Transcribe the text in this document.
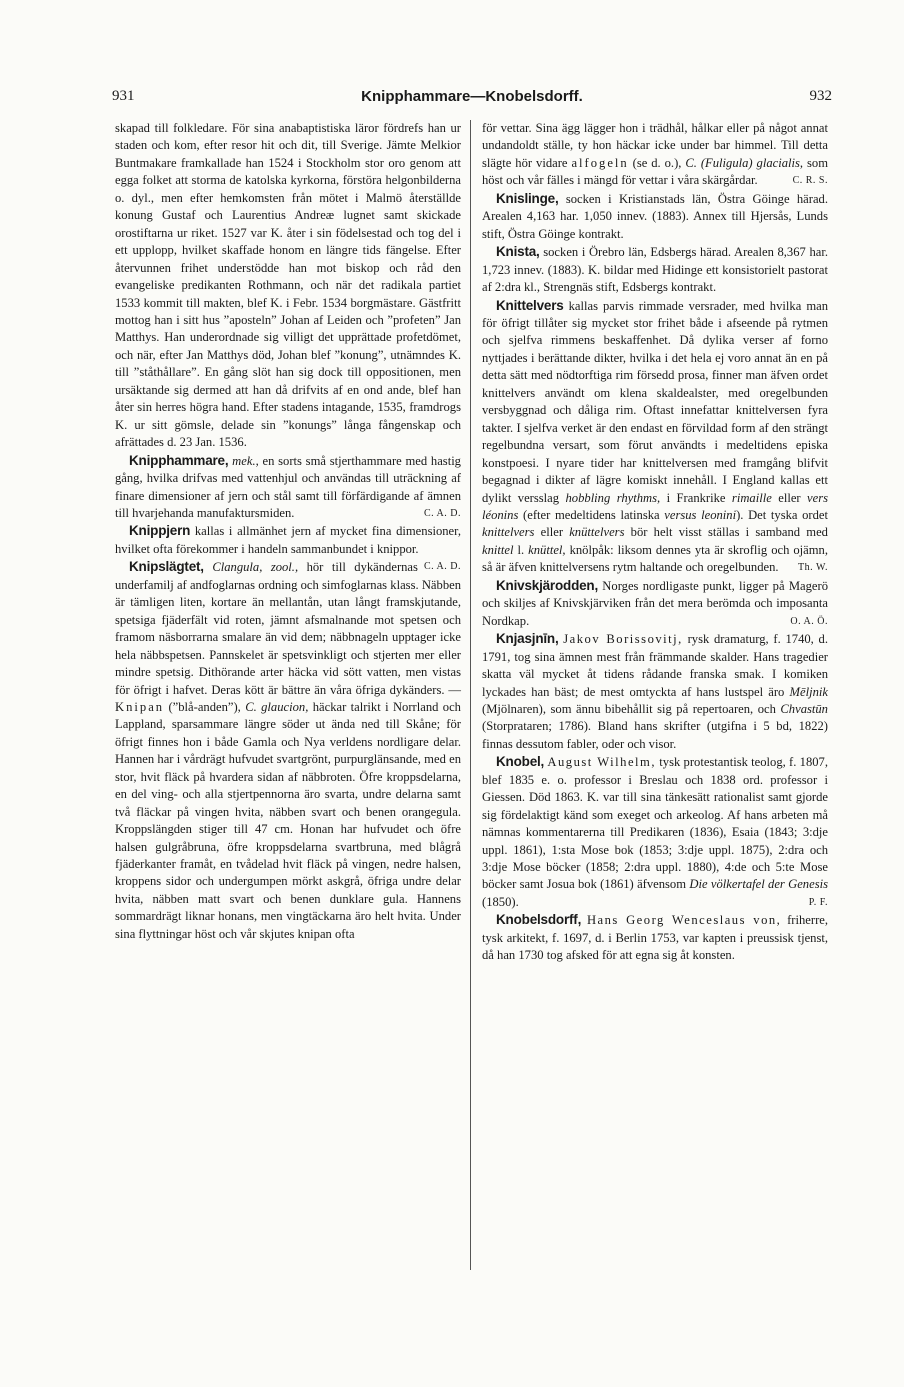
931	Knipphammare—Knobelsdorff.	932

skapad till folkledare. För sina anabaptistiska läror fördrefs han ur staden och kom, efter resor hit och dit, till Sverige. Jämte Melkior Buntmakare framkallade han 1524 i Stockholm stor oro genom att egga folket att storma de katolska kyrkorna, förstöra helgonbilderna o. dyl., men efter hemkomsten från mötet i Malmö återställde konung Gustaf och Laurentius Andreæ lugnet samt skickade orostiftarna ur riket. 1527 var K. åter i sin födelsestad och tog del i ett upplopp, hvilket skaffade honom en längre tids fängelse. Efter återvunnen frihet understödde han mot biskop och råd den evangeliske predikanten Rothmann, och när det radikala partiet 1533 kommit till makten, blef K. i Febr. 1534 borgmästare. Gästfritt mottog han i sitt hus ”aposteln” Johan af Leiden och ”profeten” Jan Matthys. Han underordnade sig villigt det upprättade profetdömet, och när, efter Jan Matthys död, Johan blef ”konung”, utnämndes K. till ”ståthållare”. En gång slöt han sig dock till oppositionen, men ursäktande sig dermed att han då drifvits af en ond ande, blef han åter sin herres högra hand. Efter stadens intagande, 1535, framdrogs K. ur sitt gömsle, delade sin ”konungs” långa fångenskap och afrättades d. 23 Jan. 1536.

Knipphammare, mek., en sorts små stjerthammare med hastig gång, hvilka drifvas med vattenhjul och användas till uträckning af finare dimensioner af jern och stål samt till förfärdigande af ämnen till hvarjehanda manufaktursmiden.	C. A. D.

Knippjern kallas i allmänhet jern af mycket fina dimensioner, hvilket ofta förekommer i handeln sammanbundet i knippor.
C. A. D.

Knipslägtet, Clangula, zool., hör till dykändernas underfamilj af andfoglarnas ordning och simfoglarnas klass. Näbben är tämligen liten, kortare än mellantån, utan långt framskjutande, spetsiga fjäderfält vid roten, jämnt afsmalnande mot spetsen och framom näsborrarna smalare än vid dem; näbbnageln upptager icke hela näbbspetsen. Pannskelet är spetsvinkligt och stjerten mer eller mindre spetsig. Dithörande arter häcka vid sött vatten, men vistas för öfrigt i hafvet. Deras kött är bättre än våra öfriga dykänders. — Knipan (”blå-anden”), C. glaucion, häckar talrikt i Norrland och Lappland, sparsammare längre söder ut ända ned till Skåne; för öfrigt finnes hon i både Gamla och Nya verldens nordligare delar. Hannen har i vårdrägt hufvudet svartgrönt, purpurglänsande, med en stor, hvit fläck på hvardera sidan af näbbroten. Öfre kroppsdelarna, en del ving- och alla stjertpennorna äro svarta, undre delarna samt två fläckar på vingen hvita, näbben svart och benen orangegula. Kroppslängden stiger till 47 cm. Honan har hufvudet och öfre halsen gulgråbruna, öfre kroppsdelarna svartbruna, med blågrå fjäderkanter framåt, en tvådelad hvit fläck på vingen, nedre halsen, kroppens sidor och undergumpen mörkt askgrå, öfriga undre delar hvita, näbben matt svart och benen dunklare gula. Hannens sommardrägt liknar honans, men vingtäckarna äro helt hvita. Under sina flyttningar höst och vår skjutes knipan ofta

för vettar. Sina ägg lägger hon i trädhål, hålkar eller på något annat undandoldt ställe, ty hon häckar icke under bar himmel. Till detta slägte hör vidare alfogeln (se d. o.), C. (Fuligula) glacialis, som höst och vår fälles i mängd för vettar i våra skärgårdar.	C. R. S.

Knislinge, socken i Kristianstads län, Östra Göinge härad. Arealen 4,163 har. 1,050 innev. (1883). Annex till Hjersås, Lunds stift, Östra Göinge kontrakt.

Knista, socken i Örebro län, Edsbergs härad. Arealen 8,367 har. 1,723 innev. (1883). K. bildar med Hidinge ett konsistorielt pastorat af 2:dra kl., Strengnäs stift, Edsbergs kontrakt.

Knittelvers kallas parvis rimmade versrader, med hvilka man för öfrigt tillåter sig mycket stor frihet både i afseende på rytmen och sjelfva rimmens beskaffenhet. Då dylika verser af forno nyttjades i berättande dikter, hvilka i det hela ej voro annat än en på detta sätt med nödtorftiga rim försedd prosa, finner man äfven ordet knittelvers användt om klena skaldealster, med oregelbunden versbyggnad och dåliga rim. Oftast innefattar knittelversen fyra takter. I sjelfva verket är den endast en förvildad form af den strängt regelbundna versart, som förut användts i medeltidens episka konstpoesi. I nyare tider har knittelversen med framgång blifvit begagnad i dikter af lägre komiskt innehåll. I England kallas ett dylikt versslag hobbling rhythms, i Frankrike rimaille eller vers léonins (efter medeltidens latinska versus leonini). Det tyska ordet knittelvers eller knüttelvers bör helt visst ställas i samband med knittel l. knüttel, knölpåk: liksom dennes yta är skroflig och ojämn, så är äfven knittelversens rytm haltande och oregelbunden. Th. W.

Knivskjärodden, Norges nordligaste punkt, ligger på Magerö och skiljes af Knivskjärviken från det mera berömda och imposanta Nordkap.	O. A. Ö.

Knjasjnīn, Jakov Borissovitj, rysk dramaturg, f. 1740, d. 1791, tog sina ämnen mest från främmande skalder. Hans tragedier skatta väl mycket åt tidens rådande franska smak. I komiken lyckades han bäst; de mest omtyckta af hans lustspel äro Mēljnik (Mjölnaren), som ännu bibehållit sig på repertoaren, och Chvastūn (Storprataren; 1786). Bland hans skrifter (utgifna i 5 bd, 1822) finnas dessutom fabler, oder och visor.

Knobel, August Wilhelm, tysk protestantisk teolog, f. 1807, blef 1835 e. o. professor i Breslau och 1838 ord. professor i Giessen. Död 1863. K. var till sina tänkesätt rationalist samt gjorde sig fördelaktigt känd som exeget och arkeolog. Af hans arbeten må nämnas kommentarerna till Predikaren (1836), Esaia (1843; 3:dje uppl. 1861), 1:sta Mose bok (1853; 3:dje uppl. 1875), 2:dra och 3:dje Mose böcker (1858; 2:dra uppl. 1880), 4:de och 5:te Mose böcker samt Josua bok (1861) äfvensom Die völkertafel der Genesis (1850).	P. F.

Knobelsdorff, Hans Georg Wenceslaus von, friherre, tysk arkitekt, f. 1697, d. i Berlin 1753, var kapten i preussisk tjenst, då han 1730 tog afsked för att egna sig åt konsten.
